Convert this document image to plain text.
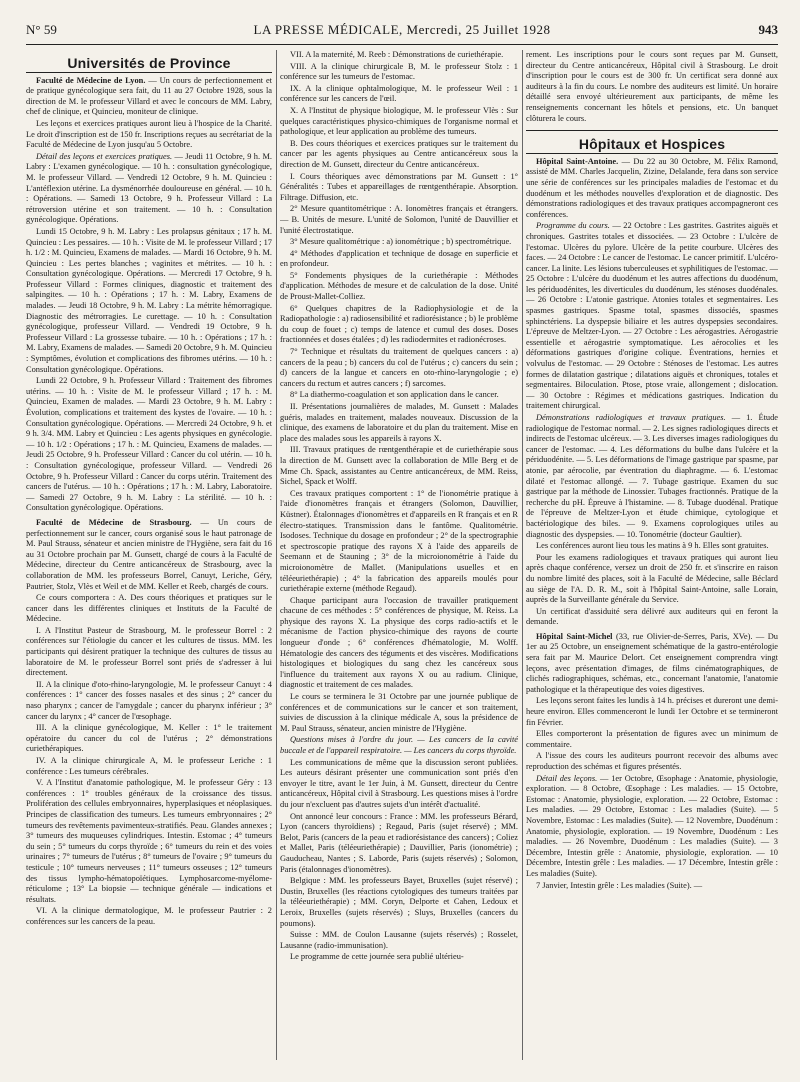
N° 59	LA PRESSE MÉDICALE, Mercredi, 25 Juillet 1928	943
Universités de Province

Faculté de Médecine de Lyon. — Un cours de perfectionnement et de pratique gynécologique sera fait, du 11 au 27 Octobre 1928, sous la direction de M. le professeur Villard et avec le concours de MM. Labry, chef de clinique, et Quincieu, moniteur de clinique.

Les leçons et exercices pratiques auront lieu à l'hospice de la Charité. Le droit d'inscription est de 150 fr. Inscriptions reçues au secrétariat de la Faculté de Médecine de Lyon jusqu'au 5 Octobre.

Détail des leçons et exercices pratiques. — Jeudi 11 Octobre, 9 h. M. Labry : L'examen gynécologique. — 10 h. : consultation gynécologique, M. le professeur Villard. — Vendredi 12 Octobre, 9 h. M. Quincieu : L'antéflexion utérine. La dysménorrhée douloureuse en général. — 10 h. : Opérations. — Samedi 13 Octobre, 9 h. Professeur Villard : La rétroversion utérine et son traitement. — 10 h. : Consultation gynécologique. Opérations.

Lundi 15 Octobre, 9 h. M. Labry : Les prolapsus génitaux ; 17 h. M. Quincieu : Les pessaires. — 10 h. : Visite de M. le professeur Villard ; 17 h. 1/2 : M. Quincieu, Examens de malades. — Mardi 16 Octobre, 9 h. M. Quincieu : Les pertes blanches ; vaginites et métrites. — 10 h. : Consultation gynécologique. Opérations. — Mercredi 17 Octobre, 9 h. Professeur Villard : Formes cliniques, diagnostic et traitement des salpingites. — 10 h. : Opérations ; 17 h. : M. Labry, Examens de malades. — Jeudi 18 Octobre, 9 h. M. Labry : La métrite hémorragique. Diagnostic des métrorragies. Le curettage. — 10 h. : Consultation gynécologique, professeur Villard. — Vendredi 19 Octobre, 9 h. Professeur Villard : La grossesse tubaire. — 10 h. : Opérations ; 17 h. : M. Labry, Examens de malades. — Samedi 20 Octobre, 9 h. M. Quincieu : Symptômes, évolution et complications des fibromes utérins. — 10 h. : Consultation gynécologique. Opérations.

Lundi 22 Octobre, 9 h. Professeur Villard : Traitement des fibromes utérins. — 10 h. : Visite de M. le professeur Villard ; 17 h. : M. Quincieu, Examen de malades. — Mardi 23 Octobre, 9 h. M. Labry : Évolution, complications et traitement des kystes de l'ovaire. — 10 h. : Consultation gynécologique. Opérations. — Mercredi 24 Octobre, 9 h. et 9 h. 3/4. MM. Labry et Quincieu : Les agents physiques en gynécologie. — 10 h. 1/2 : Opérations ; 17 h. : M. Quincieu, Examens de malades. — Jeudi 25 Octobre, 9 h. Professeur Villard : Cancer du col utérin. — 10 h. : Consultation gynécologique, professeur Villard. — Vendredi 26 Octobre, 9 h. Professeur Villard : Cancer du corps utérin. Traitement des cancers de l'utérus. — 10 h. : Opérations ; 17 h. : M. Labry, Laboratoire. — Samedi 27 Octobre, 9 h. M. Labry : La stérilité. — 10 h. : Consultation gynécologique. Opérations.

Faculté de Médecine de Strasbourg. — Un cours de perfectionnement sur le cancer, cours organisé sous le haut patronage de M. Paul Strauss, sénateur et ancien ministre de l'Hygiène, sera fait du 16 au 31 Octobre prochain par M. Gunsett, chargé de cours à la Faculté de Médecine, directeur du Centre anticancéreux de Strasbourg, avec la collaboration de MM. les professeurs Borrel, Canuyt, Leriche, Géry, Pautrier, Stolz, Vlès et Weil et de MM. Keller et Reeb, chargés de cours.

Ce cours comportera : A. Des cours théoriques et pratiques sur le cancer dans les différentes cliniques et Instituts de la Faculté de Médecine.

I. A l'Institut Pasteur de Strasbourg, M. le professeur Borrel : 2 conférences sur l'étiologie du cancer et les cultures de tissus. MM. les participants qui désirent pratiquer la technique des cultures de tissus au laboratoire de M. le professeur Borrel sont priés de s'adresser à lui directement.

II. A la clinique d'oto-rhino-laryngologie, M. le professeur Canuyt : 4 conférences : 1° cancer des fosses nasales et des sinus ; 2° cancer du naso pharynx ; cancer de l'amygdale ; cancer du pharynx inférieur ; 3° cancer du larynx ; 4° cancer de l'œsophage.

III. A la clinique gynécologique, M. Keller : 1° le traitement opératoire du cancer du col de l'utérus ; 2° démonstrations curiethérapiques.

IV. A la clinique chirurgicale A, M. le professeur Leriche : 1 conférence : Les tumeurs cérébrales.

V. A l'Institut d'anatomie pathologique, M. le professeur Géry : 13 conférences : 1° troubles généraux de la croissance des tissus. Prolifération des cellules embryonnaires, hyperplasiques et néoplasiques. Principes de classification des tumeurs. Les tumeurs embryonnaires ; 2° tumeurs des revêtements pavimenteux-stratifiés. Peau. Glandes annexes ; 3° tumeurs des muqueuses cylindriques. Intestin. Estomac ; 4° tumeurs du sein ; 5° tumeurs du corps thyroïde ; 6° tumeurs du rein et des voies urinaires ; 7° tumeurs de l'utérus ; 8° tumeurs de l'ovaire ; 9° tumeurs du testicule ; 10° tumeurs nerveuses ; 11° tumeurs osseuses ; 12° tumeurs des tissus lympho-hématopoïétiques. Lymphosarcome-myélome-réticulome ; 13° La biopsie — technique générale — indications et résultats.

VI. A la clinique dermatologique, M. le professeur Pautrier : 2 conférences sur les cancers de la peau.

VII. A la maternité, M. Reeb : Démonstrations de curiethérapie.

VIII. A la clinique chirurgicale B, M. le professeur Stolz : 1 conférence sur les tumeurs de l'estomac.

IX. A la clinique ophtalmologique, M. le professeur Weil : 1 conférence sur les cancers de l'œil.

X. A l'Institut de physique biologique, M. le professeur Vlès : Sur quelques caractéristiques physico-chimiques de l'organisme normal et pathologique, et leur application au problème des tumeurs.

B. Des cours théoriques et exercices pratiques sur le traitement du cancer par les agents physiques au Centre anticancéreux sous la direction de M. Gunsett, directeur du Centre anticancéreux.

I. Cours théoriques avec démonstrations par M. Gunsett : 1° Généralités : Tubes et appareillages de rœntgenthérapie. Absorption. Filtrage. Diffusion, etc.

2° Mesure quantitométrique : A. Ionomètres français et étrangers. — B. Unités de mesure. L'unité de Solomon, l'unité de Dauvillier et l'unité électrostatique.

3° Mesure qualitométrique : a) ionométrique ; b) spectrométrique.

4° Méthodes d'application et technique de dosage en superficie et en profondeur.

5° Fondements physiques de la curiethérapie : Méthodes d'application. Méthodes de mesure et de calculation de la dose. Unité de Proust-Mallet-Colliez.

6° Quelques chapitres de la Radiophysiologie et de la Radiopathologie : a) radiosensibilité et radiorésistance ; b) le problème du coup de fouet ; c) temps de latence et cumul des doses. Doses fractionnées et doses étalées ; d) les radiodermites et radionécroses.

7° Technique et résultats du traitement de quelques cancers : a) cancers de la peau ; b) cancers du col de l'utérus ; c) cancers du sein ; d) cancers de la langue et cancers en oto-rhino-laryngologie ; e) cancers du rectum et autres cancers ; f) sarcomes.

8° La diathermo-coagulation et son application dans le cancer.

II. Présentations journalières de malades, M. Gunsett : Malades guéris, malades en traitement, malades nouveaux. Discussion de la clinique, des examens de laboratoire et du plan du traitement. Mise en place des malades sous les appareils à rayons X.

III. Travaux pratiques de rœntgenthérapie et de curiethérapie sous la direction de M. Gunsett avec la collaboration de Mlle Berg et de Mme Ch. Spack, assistantes au Centre anticancéreux, de MM. Reiss, Sichel, Spack et Wolff.

Ces travaux pratiques comportent : 1° de l'ionométrie pratique à l'aide d'ionomètres français et étrangers (Solomon, Dauvillier, Küstner). Étalonnages d'ionomètres et d'appareils en R français et en R électro-statiques. Transmission dans le fantôme. Qualitométrie. Isodoses. Technique du dosage en profondeur ; 2° de la spectrographie et spectroscopie pratique des rayons X à l'aide des appareils de Seemann et de Stauning ; 3° de la microionométrie à l'aide du microionomètre de Mallet. (Manipulations usuelles et en téléeuriethérapie) ; 4° la fabrication des appareils moulés pour curiethérapie externe (méthode Regaud).

Chaque participant aura l'occasion de travailler pratiquement chacune de ces méthodes : 5° conférences de physique, M. Reiss. La physique des rayons X. La physique des corps radio-actifs et le mécanisme de l'action physico-chimique des rayons de courte longueur d'onde ; 6° conférences d'hématologie, M. Wolff. Hématologie des cancers des téguments et des viscères. Modifications histologiques et biologiques du sang chez les cancéreux sous l'influence du traitement aux rayons X ou au radium. Clinique, diagnostic et traitement de ces malades.

Le cours se terminera le 31 Octobre par une journée publique de conférences et de communications sur le cancer et son traitement, suivies de discussion à la clinique médicale A, sous la présidence de M. Paul Strauss, sénateur, ancien ministre de l'Hygiène.

Questions mises à l'ordre du jour. — Les cancers de la cavité buccale et de l'appareil respiratoire. — Les cancers du corps thyroïde.

Les communications de même que la discussion seront publiées. Les auteurs désirant présenter une communication sont priés d'en envoyer le titre, avant le 1er Juin, à M. Gunsett, directeur du Centre anticancéreux, Hôpital civil à Strasbourg. Les questions mises à l'ordre du jour n'excluent pas d'autres sujets d'un intérêt d'actualité.

Ont annoncé leur concours : France : MM. les professeurs Bérard, Lyon (cancers thyroïdiens) ; Regaud, Paris (sujet réservé) ; MM. Belot, Paris (cancers de la peau et radiorésistance des cancers) ; Coliez et Mallet, Paris (téléeuriethérapie) ; Dauvillier, Paris (ionométrie) ; Gauducheau, Nantes ; S. Laborde, Paris (sujets réservés) ; Solomon, Paris (étalonnages d'ionomètres).

Belgique : MM. les professeurs Bayet, Bruxelles (sujet réservé) ; Dustin, Bruxelles (les réactions cytologiques des tumeurs traitées par la téléeuriethérapie) ; MM. Coryn, Delporte et Cahen, Ledoux et Leroix, Bruxelles (sujets réservés) ; Sluys, Bruxelles (cancers du poumons).

Suisse : MM. de Coulon Lausanne (sujets réservés) ; Rosselet, Lausanne (radio-immunisation).

Le programme de cette journée sera publié ultérieu-

rement. Les inscriptions pour le cours sont reçues par M. Gunsett, directeur du Centre anticancéreux, Hôpital civil à Strasbourg. Le droit d'inscription pour le cours est de 300 fr. Un certificat sera donné aux auditeurs à la fin du cours. Le nombre des auditeurs est limité. Un horaire détaillé sera envoyé ultérieurement aux participants, de même les renseignements concernant les hôtels et pensions, etc. Un banquet clôturera le cours.

Hôpitaux et Hospices

Hôpital Saint-Antoine. — Du 22 au 30 Octobre, M. Félix Ramond, assisté de MM. Charles Jacquelin, Zizine, Delalande, fera dans son service une série de conférences sur les principales maladies de l'estomac et du duodénum et les méthodes nouvelles d'exploration et de diagnostic. Des démonstrations radiologiques et des travaux pratiques accompagneront ces conférences.

Programme du cours. — 22 Octobre : Les gastrites. Gastrites aiguës et chroniques. Gastrites totales et dissociées. — 23 Octobre : L'ulcère de l'estomac. Ulcères du pylore. Ulcère de la petite courbure. Ulcères des faces. — 24 Octobre : Le cancer de l'estomac. Le cancer primitif. L'ulcéro-cancer. La linite. Les lésions tuberculeuses et syphilitiques de l'estomac. — 25 Octobre : L'ulcère du duodénum et les autres affections du duodénum, les périduodénites, les diverticules du duodénum, les sténoses duodénales. — 26 Octobre : L'atonie gastrique. Atonies totales et segmentaires. Les spasmes gastriques. Spasme total, spasmes dissociés, spasmes sphinctériens. La dyspepsie biliaire et les autres dyspepsies secondaires. L'épreuve de Meltzer-Lyon. — 27 Octobre : Les aérogastries. Aérogastrie essentielle et aérogastrie symptomatique. Les aérocolies et les déformations gastriques d'origine colique. Éventrations, hernies et volvulus de l'estomac. — 29 Octobre : Sténoses de l'estomac. Les autres formes de dilatation gastrique ; dilatations aiguës et chroniques, totales et segmentaires. Biloculation. Ptose, ptose vraie, allongement ; dislocation. — 30 Octobre : Régimes et médications gastriques. Indication du traitement chirurgical.

Démonstrations radiologiques et travaux pratiques. — 1. Étude radiologique de l'estomac normal. — 2. Les signes radiologiques directs et indirects de l'estomac ulcéreux. — 3. Les diverses images radiologiques du cancer de l'estomac. — 4. Les déformations du bulbe dans l'ulcère et la périduodénite. — 5. Les déformations de l'image gastrique par spasme, par atonie, par aérocolie, par éventration du diaphragme. — 6. L'estomac dilaté et l'estomac allongé. — 7. Tubage gastrique. Examen du suc gastrique par la méthode de Linossier. Tubages fractionnés. Pratique de la recherche du pH. Épreuve à l'histamine. — 8. Tubage duodénal. Pratique de l'épreuve de Meltzer-Lyon et étude chimique, cytologique et bactériologique des biles. — 9. Examens coprologiques utiles au diagnostic des dyspepsies. — 10. Tonométrie (docteur Gaultier).

Les conférences auront lieu tous les matins à 9 h. Elles sont gratuites.

Pour les examens radiologiques et travaux pratiques qui auront lieu après chaque conférence, versez un droit de 250 fr. et s'inscrire en raison du nombre limité des places, soit à la Faculté de Médecine, salle Béclard au siège de l'A. D. R. M., soit à l'hôpital Saint-Antoine, salle Lorain, auprès de la Surveillante générale du Service.

Un certificat d'assiduité sera délivré aux auditeurs qui en feront la demande.

Hôpital Saint-Michel (33, rue Olivier-de-Serres, Paris, XVe). — Du 1er au 25 Octobre, un enseignement schématique de la gastro-entérologie sera fait par M. Maurice Delort. Cet enseignement comprendra vingt leçons, avec présentation d'images, de films cinématographiques, de clichés radiographiques, schémas, etc., concernant l'anatomie, l'anatomie pathologique et la thérapeutique des voies digestives.

Les leçons seront faites les lundis à 14 h. précises et dureront une demi-heure environ. Elles commenceront le lundi 1er Octobre et se termineront fin Février.

Elles comporteront la présentation de figures avec un minimum de commentaire.

A l'issue des cours les auditeurs pourront recevoir des albums avec reproduction des schémas et figures présentés.

Détail des leçons. — 1er Octobre, Œsophage : Anatomie, physiologie, exploration. — 8 Octobre, Œsophage : Les maladies. — 15 Octobre, Estomac : Anatomie, physiologie, exploration. — 22 Octobre, Estomac : Les maladies. — 29 Octobre, Estomac : Les maladies (Suite). — 5 Novembre, Estomac : Les maladies (Suite). — 12 Novembre, Duodénum : Anatomie, physiologie, exploration. — 19 Novembre, Duodénum : Les maladies. — 26 Novembre, Duodénum : Les maladies (Suite). — 3 Décembre, Intestin grêle : Anatomie, physiologie, exploration. — 10 Décembre, Intestin grêle : Les maladies. — 17 Décembre, Intestin grêle : Les maladies (Suite).

7 Janvier, Intestin grêle : Les maladies (Suite). —
